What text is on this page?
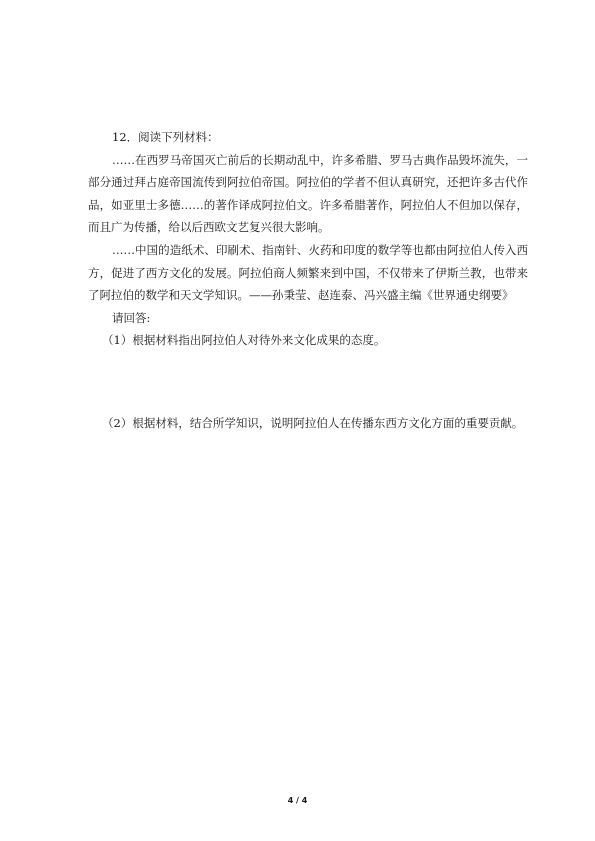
12．阅读下列材料：

……在西罗马帝国灭亡前后的长期动乱中，许多希腊、罗马古典作品毁坏流失，一部分通过拜占庭帝国流传到阿拉伯帝国。阿拉伯的学者不但认真研究，还把许多古代作品，如亚里士多德……的著作译成阿拉伯文。许多希腊著作，阿拉伯人不但加以保存，而且广为传播，给以后西欧文艺复兴很大影响。

……中国的造纸术、印刷术、指南针、火药和印度的数学等也都由阿拉伯人传入西方，促进了西方文化的发展。阿拉伯商人频繁来到中国，不仅带来了伊斯兰教，也带来了阿拉伯的数学和天文学知识。——孙秉莹、赵连泰、冯兴盛主编《世界通史纲要》

请回答:

（1）根据材料指出阿拉伯人对待外来文化成果的态度。

（2）根据材料，结合所学知识，说明阿拉伯人在传播东西方文化方面的重要贡献。

4 / 4
